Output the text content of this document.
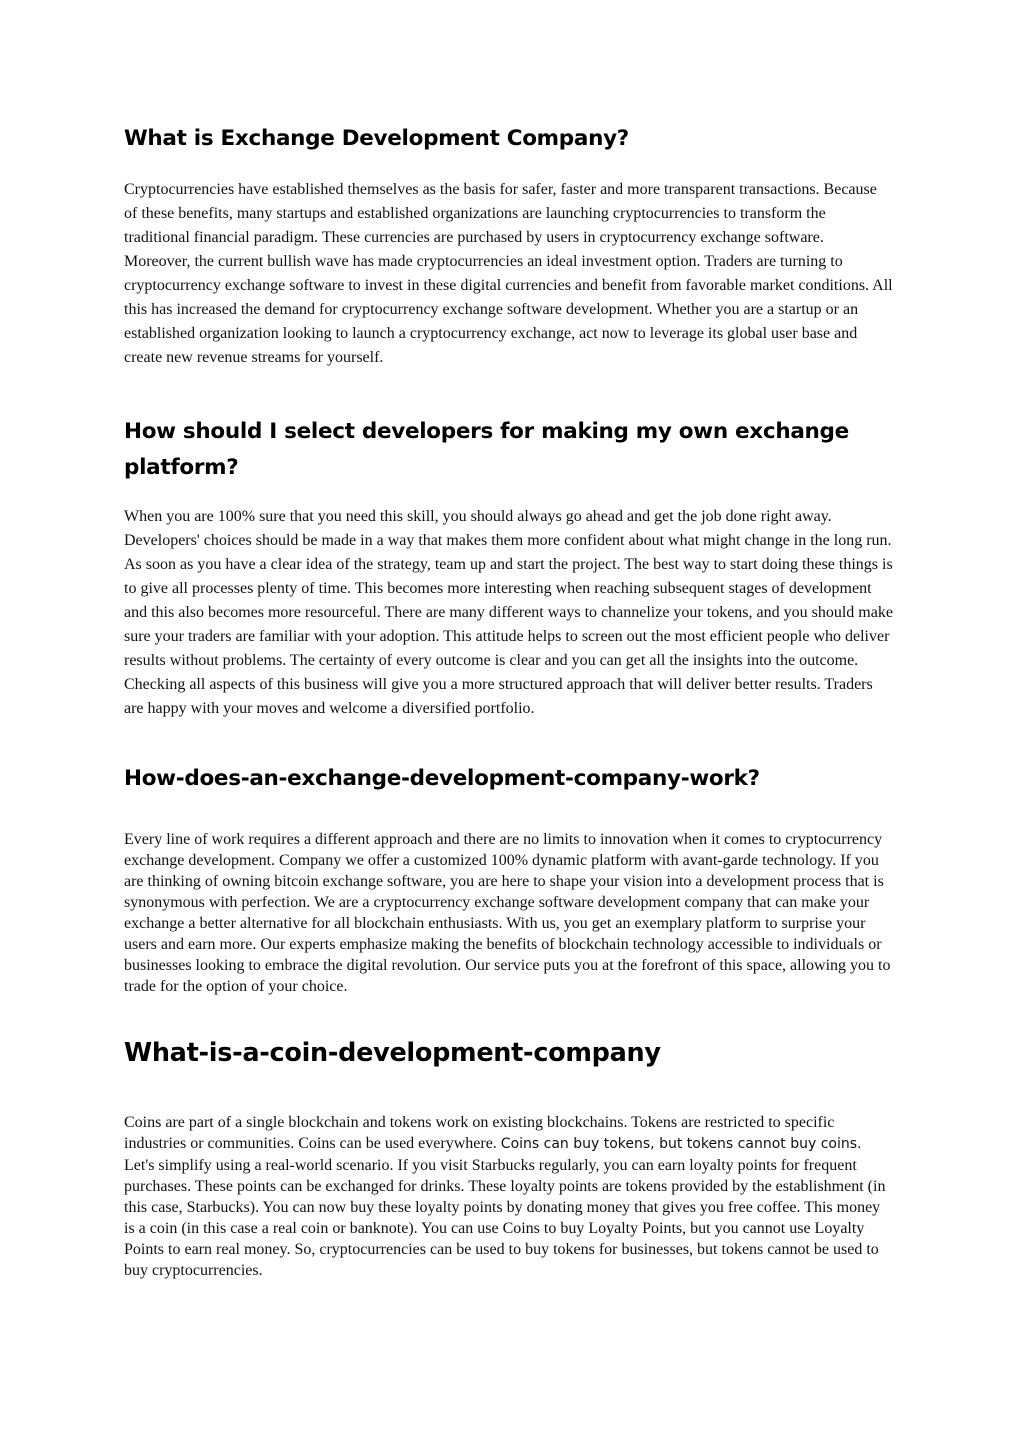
What is Exchange Development Company?

Cryptocurrencies have established themselves as the basis for safer, faster and more transparent transactions. Because of these benefits, many startups and established organizations are launching cryptocurrencies to transform the traditional financial paradigm. These currencies are purchased by users in cryptocurrency exchange software. Moreover, the current bullish wave has made cryptocurrencies an ideal investment option. Traders are turning to cryptocurrency exchange software to invest in these digital currencies and benefit from favorable market conditions. All this has increased the demand for cryptocurrency exchange software development. Whether you are a startup or an established organization looking to launch a cryptocurrency exchange, act now to leverage its global user base and create new revenue streams for yourself.

How should I select developers for making my own exchange platform?

When you are 100% sure that you need this skill, you should always go ahead and get the job done right away. Developers' choices should be made in a way that makes them more confident about what might change in the long run. As soon as you have a clear idea of the strategy, team up and start the project. The best way to start doing these things is to give all processes plenty of time. This becomes more interesting when reaching subsequent stages of development and this also becomes more resourceful. There are many different ways to channelize your tokens, and you should make sure your traders are familiar with your adoption. This attitude helps to screen out the most efficient people who deliver results without problems. The certainty of every outcome is clear and you can get all the insights into the outcome. Checking all aspects of this business will give you a more structured approach that will deliver better results. Traders are happy with your moves and welcome a diversified portfolio.

How-does-an-exchange-development-company-work?

Every line of work requires a different approach and there are no limits to innovation when it comes to cryptocurrency exchange development. Company we offer a customized 100% dynamic platform with avant-garde technology. If you are thinking of owning bitcoin exchange software, you are here to shape your vision into a development process that is synonymous with perfection. We are a cryptocurrency exchange software development company that can make your exchange a better alternative for all blockchain enthusiasts. With us, you get an exemplary platform to surprise your users and earn more. Our experts emphasize making the benefits of blockchain technology accessible to individuals or businesses looking to embrace the digital revolution. Our service puts you at the forefront of this space, allowing you to trade for the option of your choice.

What-is-a-coin-development-company

Coins are part of a single blockchain and tokens work on existing blockchains. Tokens are restricted to specific industries or communities. Coins can be used everywhere. Coins can buy tokens, but tokens cannot buy coins. Let's simplify using a real-world scenario. If you visit Starbucks regularly, you can earn loyalty points for frequent purchases. These points can be exchanged for drinks. These loyalty points are tokens provided by the establishment (in this case, Starbucks). You can now buy these loyalty points by donating money that gives you free coffee. This money is a coin (in this case a real coin or banknote). You can use Coins to buy Loyalty Points, but you cannot use Loyalty Points to earn real money. So, cryptocurrencies can be used to buy tokens for businesses, but tokens cannot be used to buy cryptocurrencies.
